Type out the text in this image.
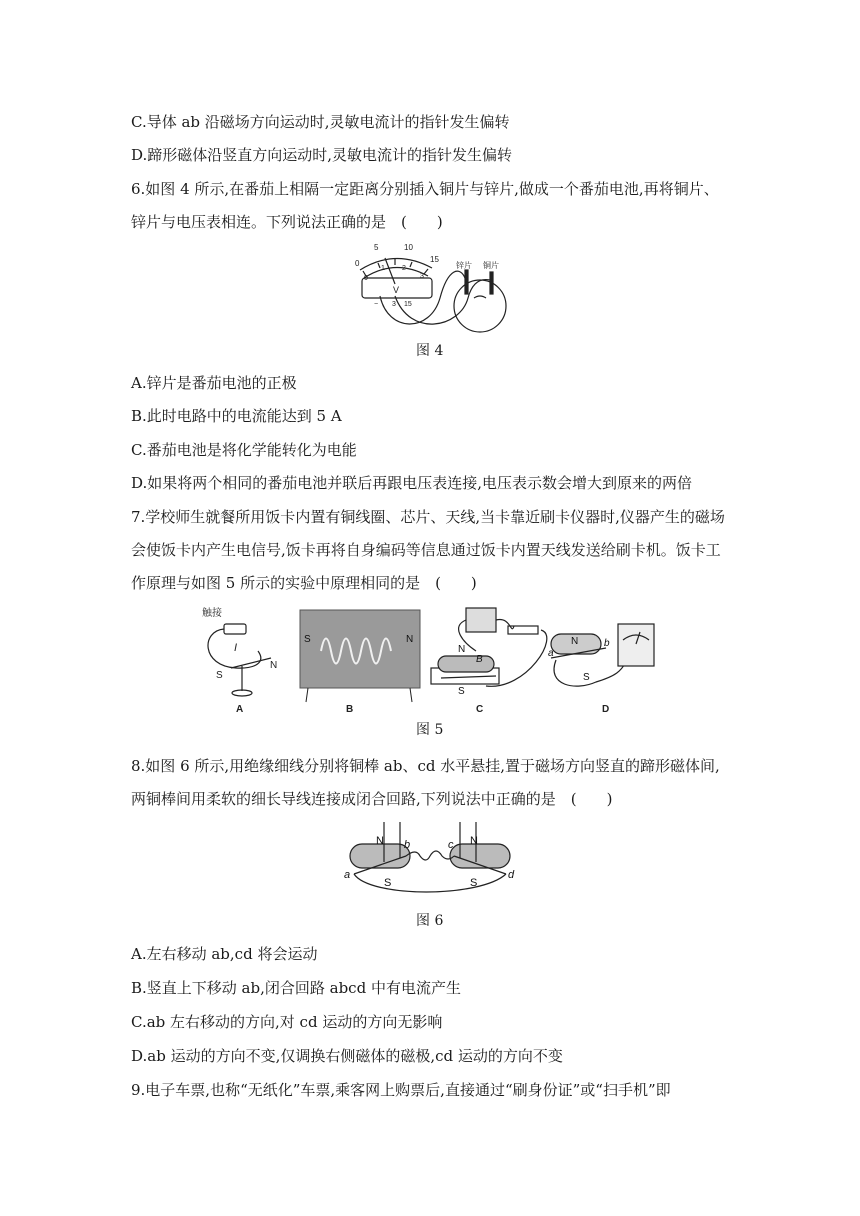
C.导体 ab 沿磁场方向运动时,灵敏电流计的指针发生偏转
D.蹄形磁体沿竖直方向运动时,灵敏电流计的指针发生偏转
6.如图 4 所示,在番茄上相隔一定距离分别插入铜片与锌片,做成一个番茄电池,再将铜片、
锌片与电压表相连。下列说法正确的是　(　　)
0
5	10
15
0
1 2
3
V
− 3 15
锌片 铜片
图 4
A.锌片是番茄电池的正极
B.此时电路中的电流能达到 5 A
C.番茄电池是将化学能转化为电能
D.如果将两个相同的番茄电池并联后再跟电压表连接,电压表示数会增大到原来的两倍
7.学校师生就餐所用饭卡内置有铜线圈、芯片、天线,当卡靠近刷卡仪器时,仪器产生的磁场
会使饭卡内产生电信号,饭卡再将自身编码等信息通过饭卡内置天线发送给刷卡机。饭卡工
作原理与如图 5 所示的实验中原理相同的是　(　　)
触接
I
N
S
A
S	N
B
N
B
S
C
N
S
a
b
D
图 5
8.如图 6 所示,用绝缘细线分别将铜棒 ab、cd 水平悬挂,置于磁场方向竖直的蹄形磁体间,
两铜棒间用柔软的细长导线连接成闭合回路,下列说法中正确的是　(　　)
N
S
N
S
a
b	c
d
图 6
A.左右移动 ab,cd 将会运动
B.竖直上下移动 ab,闭合回路 abcd 中有电流产生
C.ab 左右移动的方向,对 cd 运动的方向无影响
D.ab 运动的方向不变,仅调换右侧磁体的磁极,cd 运动的方向不变
9.电子车票,也称“无纸化”车票,乘客网上购票后,直接通过“刷身份证”或“扫手机”即
